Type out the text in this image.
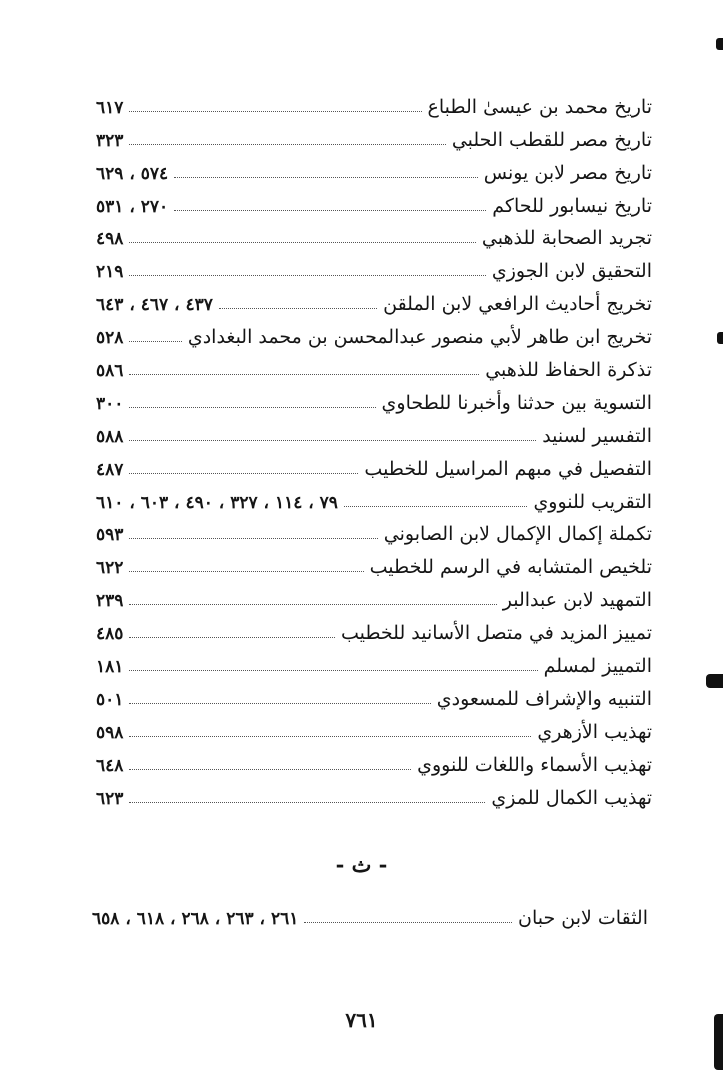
تاريخ محمد بن عيسىٰ الطباع
٦١٧
تاريخ مصر للقطب الحلبي
٣٢٣
تاريخ مصر لابن يونس
٥٧٤ ، ٦٢٩
تاريخ نيسابور للحاكم
٢٧٠ ، ٥٣١
تجريد الصحابة للذهبي
٤٩٨
التحقيق لابن الجوزي
٢١٩
تخريج أحاديث الرافعي لابن الملقن
٤٣٧ ، ٤٦٧ ، ٦٤٣
تخريج ابن طاهر لأبي منصور عبدالمحسن بن محمد البغدادي
٥٢٨
تذكرة الحفاظ للذهبي
٥٨٦
التسوية بين حدثنا وأخبرنا للطحاوي
٣٠٠
التفسير لسنيد
٥٨٨
التفصيل في مبهم المراسيل للخطيب
٤٨٧
التقريب للنووي
٧٩ ، ١١٤ ، ٣٢٧ ، ٤٩٠ ، ٦٠٣ ، ٦١٠
تكملة إكمال الإكمال لابن الصابوني
٥٩٣
تلخيص المتشابه في الرسم للخطيب
٦٢٢
التمهيد لابن عبدالبر
٢٣٩
تمييز المزيد في متصل الأسانيد للخطيب
٤٨٥
التمييز لمسلم
١٨١
التنبيه والإشراف للمسعودي
٥٠١
تهذيب الأزهري
٥٩٨
تهذيب الأسماء واللغات للنووي
٦٤٨
تهذيب الكمال للمزي
٦٢٣
- ث -
الثقات لابن حبان
٢٦١ ، ٢٦٣ ، ٢٦٨ ، ٦١٨ ، ٦٥٨
٧٦١
